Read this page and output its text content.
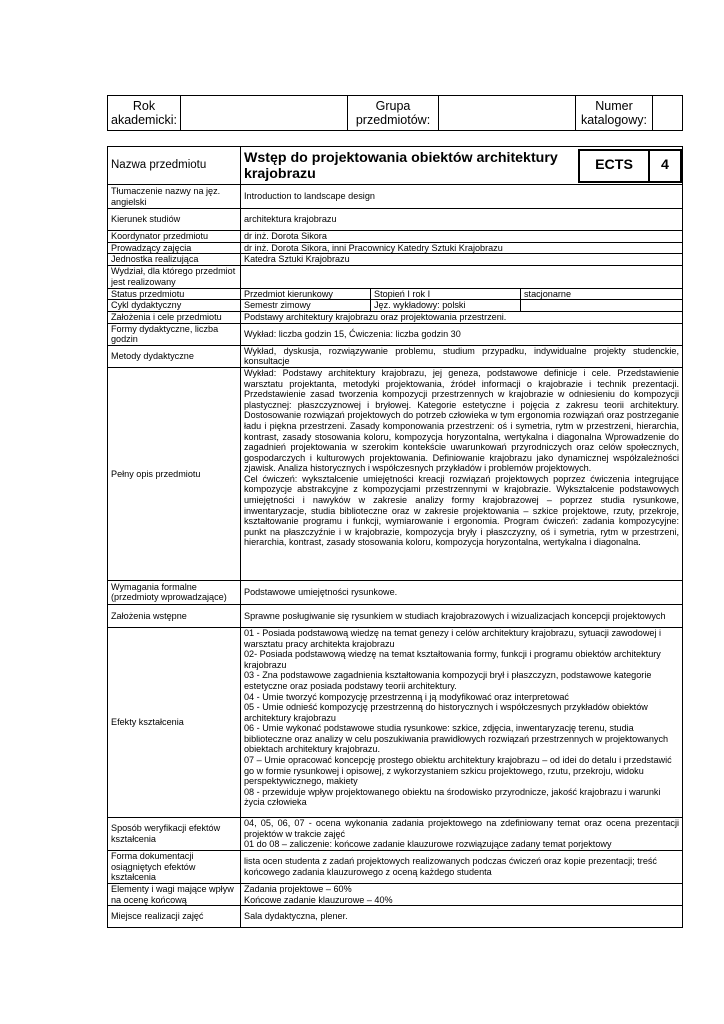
Rok
akademicki:		Grupa
przedmiotów:		Numer
katalogowy:	
Nazwa przedmiotu		Wstęp do projektowania obiektów architektury krajobrazu		ECTS	4

Tłumaczenie nazwy na jęz. angielski	Introduction to landscape design
Kierunek studiów	architektura krajobrazu
Koordynator przedmiotu	dr inż. Dorota Sikora
Prowadzący zajęcia	dr inż. Dorota Sikora, inni Pracownicy Katedry Sztuki Krajobrazu
Jednostka realizująca	Katedra Sztuki Krajobrazu
Wydział, dla którego przedmiot jest realizowany	
Status przedmiotu	Przedmiot kierunkowy	Stopień I rok I	stacjonarne
Cykl dydaktyczny	Semestr zimowy	Jęz. wykładowy: polski	
Założenia i cele przedmiotu	Podstawy architektury krajobrazu oraz projektowania przestrzeni.
Formy dydaktyczne, liczba godzin	Wykład: liczba godzin 15, Ćwiczenia: liczba godzin 30
Metody dydaktyczne	Wykład, dyskusja, rozwiązywanie problemu, studium przypadku, indywidualne projekty studenckie, konsultacje
Pełny opis przedmiotu	Wykład: Podstawy architektury krajobrazu, jej geneza, podstawowe definicje i cele. Przedstawienie warsztatu projektanta, metodyki projektowania, źródeł informacji o krajobrazie i technik prezentacji. Przedstawienie zasad tworzenia kompozycji przestrzennych w krajobrazie w odniesieniu do kompozycji plastycznej: płaszczyznowej i bryłowej. Kategorie estetyczne i pojęcia z zakresu teorii architektury. Dostosowanie rozwiązań projektowych do potrzeb człowieka w tym ergonomia rozwiązań oraz postrzeganie ładu i piękna przestrzeni. Zasady komponowania przestrzeni: oś i symetria, rytm w przestrzeni, hierarchia, kontrast, zasady stosowania koloru, kompozycja horyzontalna, wertykalna i diagonalna Wprowadzenie do zagadnień projektowania w szerokim kontekście uwarunkowań przyrodniczych oraz celów społecznych, gospodarczych i kulturowych projektowania. Definiowanie krajobrazu jako dynamicznej współzależności zjawisk. Analiza historycznych i współczesnych przykładów i problemów projektowych.
Cel ćwiczeń: wykształcenie umiejętności kreacji rozwiązań projektowych poprzez ćwiczenia integrujące kompozycje abstrakcyjne z kompozycjami przestrzennymi w krajobrazie. Wykształcenie podstawowych umiejętności i nawyków w zakresie analizy formy krajobrazowej – poprzez studia rysunkowe, inwentaryzacje, studia biblioteczne oraz w zakresie projektowania – szkice projektowe, rzuty, przekroje, kształtowanie programu i funkcji, wymiarowanie i ergonomia. Program ćwiczeń: zadania kompozycyjne: punkt na płaszczyźnie i w krajobrazie, kompozycja bryły i płaszczyzny, oś i symetria, rytm w przestrzeni, hierarchia, kontrast, zasady stosowania koloru, kompozycja horyzontalna, wertykalna i diagonalna.
Wymagania formalne (przedmioty wprowadzające)	Podstawowe umiejętności rysunkowe.
Założenia wstępne	Sprawne posługiwanie się rysunkiem w studiach krajobrazowych i wizualizacjach koncepcji projektowych
Efekty kształcenia	01 - Posiada podstawową wiedzę na temat genezy i celów architektury krajobrazu, sytuacji zawodowej i warsztatu pracy architekta krajobrazu
02- Posiada podstawową wiedzę na temat kształtowania formy, funkcji i programu obiektów architektury krajobrazu
03 - Zna podstawowe zagadnienia kształtowania kompozycji brył i płaszczyzn, podstawowe kategorie estetyczne oraz posiada podstawy teorii architektury.
04 - Umie tworzyć kompozycję przestrzenną i ją modyfikować oraz interpretować
05 - Umie odnieść kompozycję przestrzenną do historycznych i współczesnych przykładów obiektów architektury krajobrazu
06 - Umie wykonać podstawowe studia rysunkowe: szkice, zdjęcia, inwentaryzację terenu, studia biblioteczne oraz analizy w celu poszukiwania prawidłowych rozwiązań przestrzennych w projektowanych obiektach architektury krajobrazu.
07 – Umie opracować koncepcję prostego obiektu architektury krajobrazu – od idei do detalu i przedstawić go w formie rysunkowej i opisowej, z wykorzystaniem szkicu projektowego, rzutu, przekroju, widoku perspektywicznego, makiety
08 - przewiduje wpływ projektowanego obiektu na środowisko przyrodnicze, jakość krajobrazu i warunki życia człowieka
Sposób weryfikacji efektów kształcenia	04, 05, 06, 07 - ocena wykonania zadania projektowego na zdefiniowany temat oraz ocena prezentacji projektów w trakcie zajęć
01 do 08 – zaliczenie: końcowe zadanie klauzurowe rozwiązujące zadany temat porjektowy
Forma dokumentacji osiągniętych efektów kształcenia	lista ocen studenta z zadań projektowych realizowanych podczas ćwiczeń oraz kopie prezentacji; treść końcowego zadania klauzurowego z oceną każdego studenta
Elementy i wagi mające wpływ na ocenę końcową	Zadania projektowe – 60%
Końcowe zadanie klauzurowe – 40%
Miejsce realizacji zajęć	Sala dydaktyczna, plener.
